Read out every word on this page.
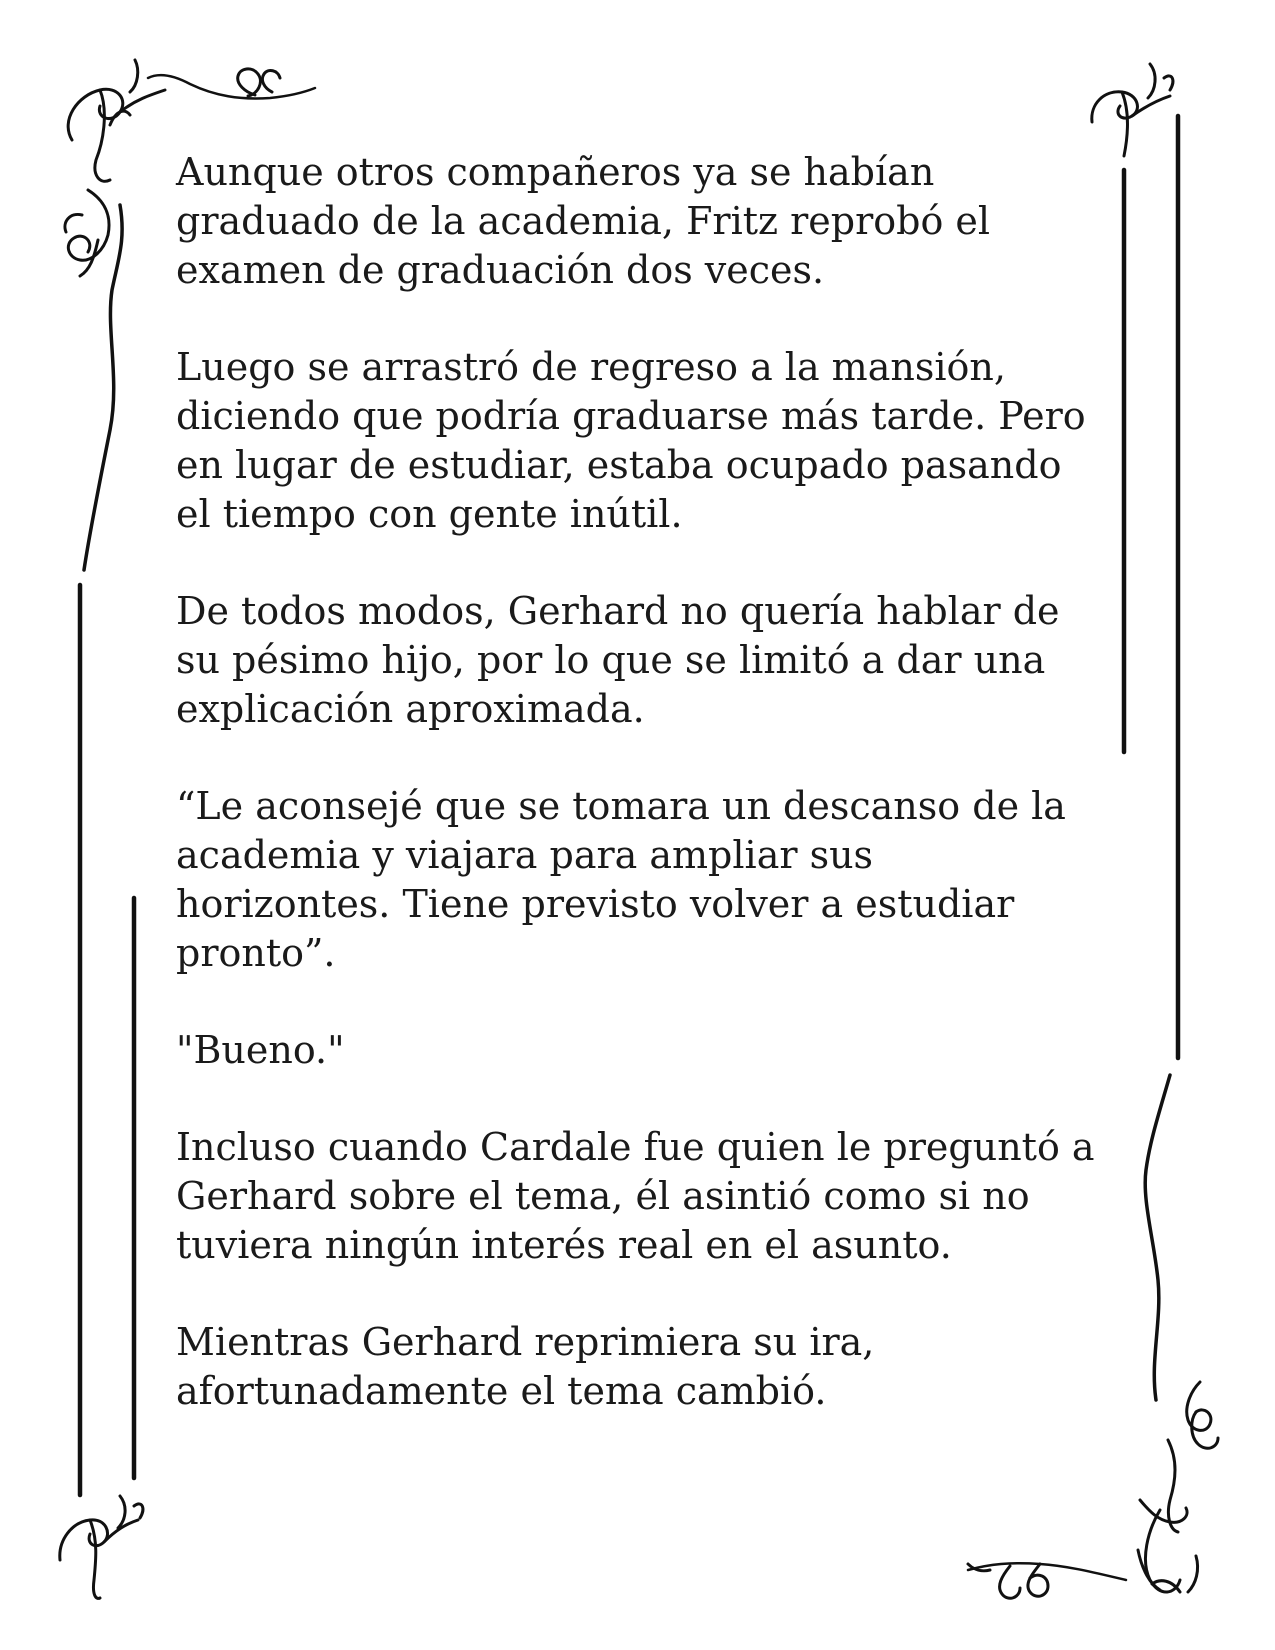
Aunque otros compañeros ya se habían
graduado de la academia, Fritz reprobó el
examen de graduación dos veces.

Luego se arrastró de regreso a la mansión,
diciendo que podría graduarse más tarde. Pero
en lugar de estudiar, estaba ocupado pasando
el tiempo con gente inútil.

De todos modos, Gerhard no quería hablar de
su pésimo hijo, por lo que se limitó a dar una
explicación aproximada.

“Le aconsejé que se tomara un descanso de la
academia y viajara para ampliar sus
horizontes. Tiene previsto volver a estudiar
pronto”.

"Bueno."

Incluso cuando Cardale fue quien le preguntó a
Gerhard sobre el tema, él asintió como si no
tuviera ningún interés real en el asunto.

Mientras Gerhard reprimiera su ira,
afortunadamente el tema cambió.
